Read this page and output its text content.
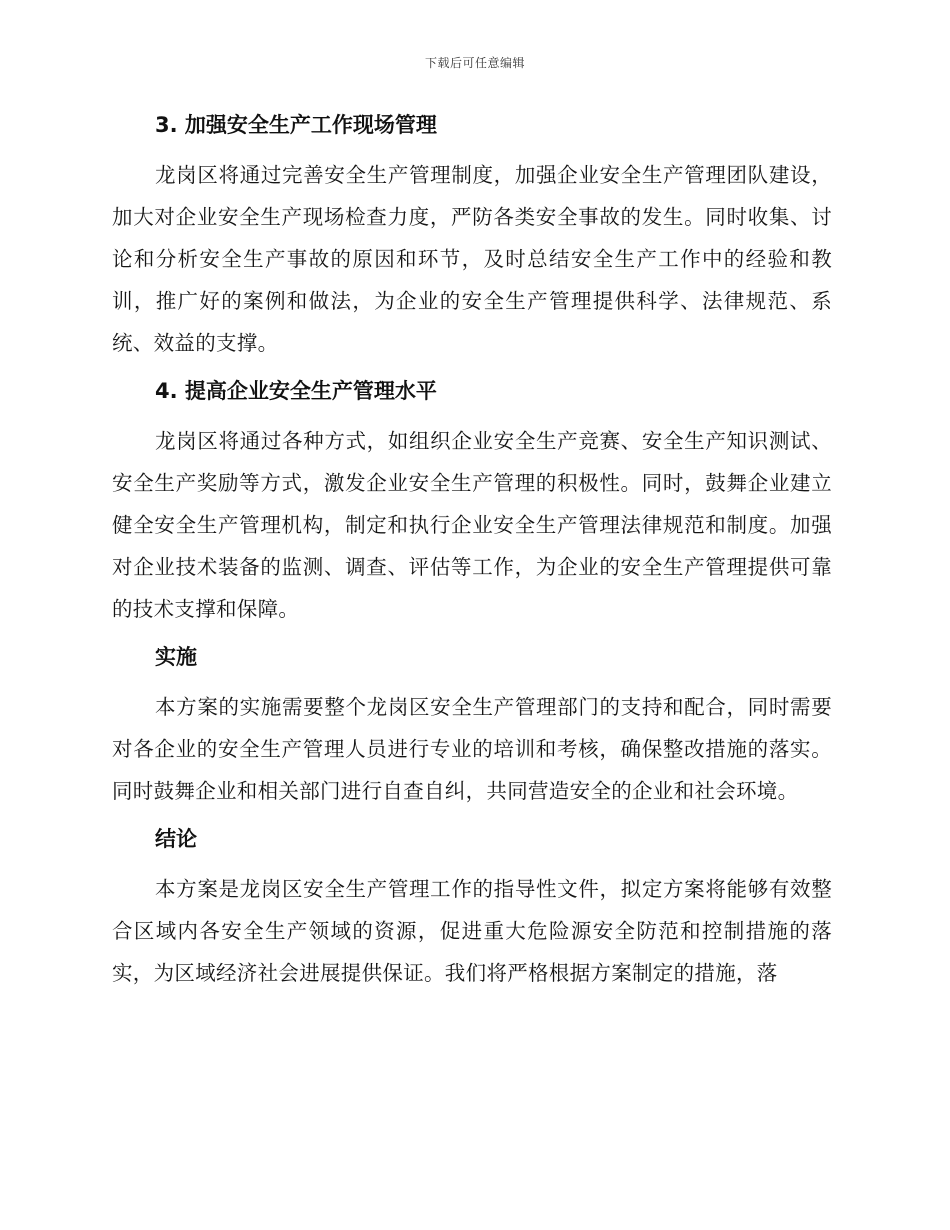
下载后可任意编辑
3. 加强安全生产工作现场管理

龙岗区将通过完善安全生产管理制度，加强企业安全生产管理团队建设，加大对企业安全生产现场检查力度，严防各类安全事故的发生。同时收集、讨论和分析安全生产事故的原因和环节，及时总结安全生产工作中的经验和教训，推广好的案例和做法，为企业的安全生产管理提供科学、法律规范、系统、效益的支撑。

4. 提高企业安全生产管理水平

龙岗区将通过各种方式，如组织企业安全生产竞赛、安全生产知识测试、安全生产奖励等方式，激发企业安全生产管理的积极性。同时，鼓舞企业建立健全安全生产管理机构，制定和执行企业安全生产管理法律规范和制度。加强对企业技术装备的监测、调查、评估等工作，为企业的安全生产管理提供可靠的技术支撑和保障。

实施

本方案的实施需要整个龙岗区安全生产管理部门的支持和配合，同时需要对各企业的安全生产管理人员进行专业的培训和考核，确保整改措施的落实。同时鼓舞企业和相关部门进行自查自纠，共同营造安全的企业和社会环境。

结论

本方案是龙岗区安全生产管理工作的指导性文件，拟定方案将能够有效整合区域内各安全生产领域的资源，促进重大危险源安全防范和控制措施的落实，为区域经济社会进展提供保证。我们将严格根据方案制定的措施，落
